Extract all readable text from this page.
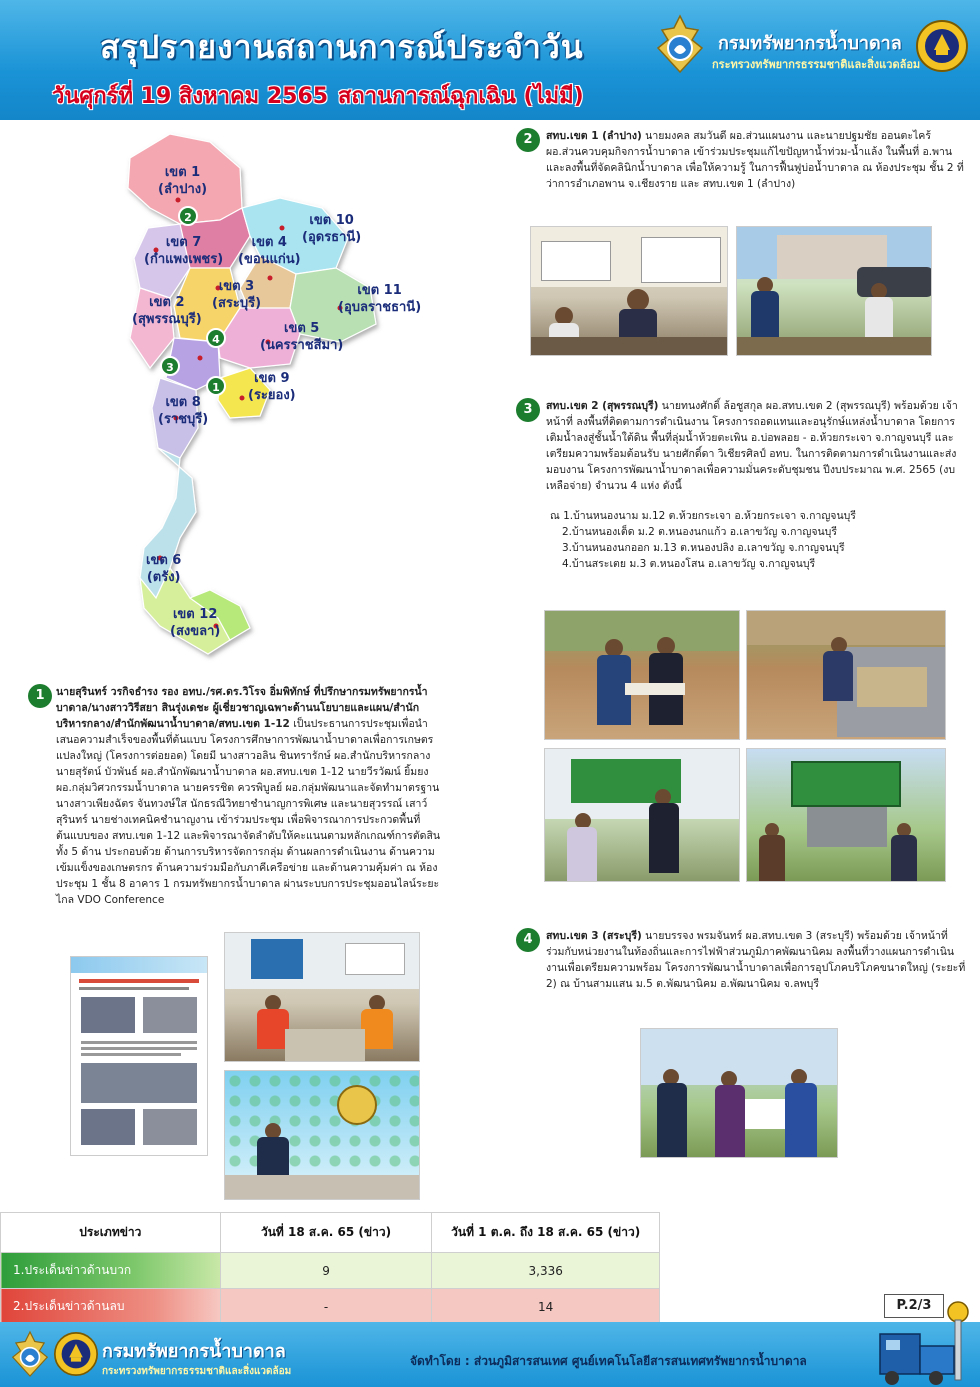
สรุปรายงานสถานการณ์ประจำวัน
วันศุกร์ที่ 19 สิงหาคม 2565 สถานการณ์ฉุกเฉิน (ไม่มี)
กรมทรัพยากรน้ำบาดาล
กระทรวงทรัพยากรธรรมชาติและสิ่งแวดล้อม
เขต 1
(ลำปาง)
เขต 7
(กำแพงเพชร)
เขต 4
(ขอนแก่น)
เขต 10
(อุดรธานี)
เขต 3
(สระบุรี)
เขต 11
(อุบลราชธานี)
เขต 2
(สุพรรณบุรี)
เขต 5
(นครราชสีมา)
เขต 9
(ระยอง)
เขต 8
(ราชบุรี)
เขต 6
(ตรัง)
เขต 12
(สงขลา)
2
4
3
1
2	สทบ.เขต 1 (ลำปาง) นายมงคล สมวันดี ผอ.ส่วนแผนงาน และนายปฐมชัย ออนตะไคร้ ผอ.ส่วนควบคุมกิจการน้ำบาดาล เข้าร่วมประชุมแก้ไขปัญหาน้ำท่วม-น้ำแล้ง ในพื้นที่ อ.พาน และลงพื้นที่จัดคลินิกน้ำบาดาล เพื่อให้ความรู้ ในการฟื้นฟูบ่อน้ำบาดาล ณ ห้องประชุม ชั้น 2 ที่ว่าการอำเภอพาน จ.เชียงราย และ สทบ.เขต 1 (ลำปาง)
3	สทบ.เขต 2 (สุพรรณบุรี) นายทนงศักดิ์ ล้อชูสกุล ผอ.สทบ.เขต 2 (สุพรรณบุรี) พร้อมด้วย เจ้าหน้าที่ ลงพื้นที่ติดตามการดำเนินงาน โครงการถอดแทนและอนุรักษ์แหล่งน้ำบาดาล โดยการเติมน้ำลงสู่ชั้นน้ำใต้ดิน พื้นที่ลุ่มน้ำห้วยตะเพิน อ.บ่อพลอย - อ.ห้วยกระเจา จ.กาญจนบุรี และเตรียมความพร้อมต้อนรับ นายศักดิ์ดา วิเชียรศิลป์ อทบ. ในการติดตามการดำเนินงานและส่งมอบงาน โครงการพัฒนาน้ำบาดาลเพื่อความมั่นคระดับชุมชน ปีงบประมาณ พ.ศ. 2565 (งบเหลือจ่าย) จำนวน 4 แห่ง ดังนี้
ณ 1.บ้านหนองนาม ม.12 ต.ห้วยกระเจา อ.ห้วยกระเจา จ.กาญจนบุรี
2.บ้านหนองเต็ด ม.2 ต.หนองนกแก้ว อ.เลาขวัญ จ.กาญจนบุรี
3.บ้านหนองนกออก ม.13 ต.หนองปลิง อ.เลาขวัญ จ.กาญจนบุรี
4.บ้านสระเตย ม.3 ต.หนองโสน อ.เลาขวัญ จ.กาญจนบุรี
4	สทบ.เขต 3 (สระบุรี) นายบรรจง พรมจันทร์ ผอ.สทบ.เขต 3 (สระบุรี) พร้อมด้วย เจ้าหน้าที่ ร่วมกับหน่วยงานในท้องถิ่นและการไฟฟ้าส่วนภูมิภาคพัฒนานิคม ลงพื้นที่วางแผนการดำเนินงานเพื่อเตรียมความพร้อม โครงการพัฒนาน้ำบาดาลเพื่อการอุปโภคบริโภคขนาดใหญ่ (ระยะที่ 2) ณ บ้านสามแสน ม.5 ต.พัฒนานิคม อ.พัฒนานิคม จ.ลพบุรี
1	นายสุรินทร์ วรกิจธำรง รอง อทบ./รศ.ดร.วิโรจ อิ่มพิทักษ์ ที่ปรึกษากรมทรัพยากรน้ำบาดาล/นางสาววิรีสยา สินรุ่งเดชะ ผู้เชี่ยวชาญเฉพาะด้านนโยบายและแผน/สำนักบริหารกลาง/สำนักพัฒนาน้ำบาดาล/สทบ.เขต 1-12 เป็นประธานการประชุมเพื่อนำเสนอความสำเร็จของพื้นที่ต้นแบบ โครงการศึกษาการพัฒนาน้ำบาดาลเพื่อการเกษตรแปลงใหญ่ (โครงการต่อยอด) โดยมี นางสาวอลิน ชินทรารักษ์ ผอ.สำนักบริหารกลาง นายสุรัตน์ บัวพันธ์ ผอ.สำนักพัฒนาน้ำบาดาล ผอ.สทบ.เขต 1-12 นายวีรวัฒน์ ยิ้มยง ผอ.กลุ่มวิศวกรรมน้ำบาดาล นายครรชิต ควรพิบูลย์ ผอ.กลุ่มพัฒนาและจัดทำมาตรฐาน นางสาวเพียงฉัตร จันทวงษ์ใส นักธรณีวิทยาชำนาญการพิเศษ และนายสุวรรณ์ เสาว์สุรินทร์ นายช่างเทคนิคชำนาญงาน เข้าร่วมประชุม เพื่อพิจารณาการประกวดพื้นที่ต้นแบบของ สทบ.เขต 1-12 และพิจารณาจัดลำดับให้คะแนนตามหลักเกณฑ์การตัดสินทั้ง 5 ด้าน ประกอบด้วย ด้านการบริหารจัดการกลุ่ม ด้านผลการดำเนินงาน ด้านความเข้มแข็งของเกษตรกร ด้านความร่วมมือกับภาคีเครือข่าย และด้านความคุ้มค่า ณ ห้องประชุม 1 ชั้น 8 อาคาร 1 กรมทรัพยากรน้ำบาดาล ผ่านระบบการประชุมออนไลน์ระยะไกล VDO Conference
ประเภทข่าว	วันที่ 18 ส.ค. 65 (ข่าว)	วันที่ 1 ต.ค. ถึง 18 ส.ค. 65 (ข่าว)
1.ประเด็นข่าวด้านบวก	9	3,336
2.ประเด็นข่าวด้านลบ	-	14	P.2/3
กรมทรัพยากรน้ำบาดาล
กระทรวงทรัพยากรธรรมชาติและสิ่งแวดล้อม
จัดทำโดย : ส่วนภูมิสารสนเทศ ศูนย์เทคโนโลยีสารสนเทศทรัพยากรน้ำบาดาล
